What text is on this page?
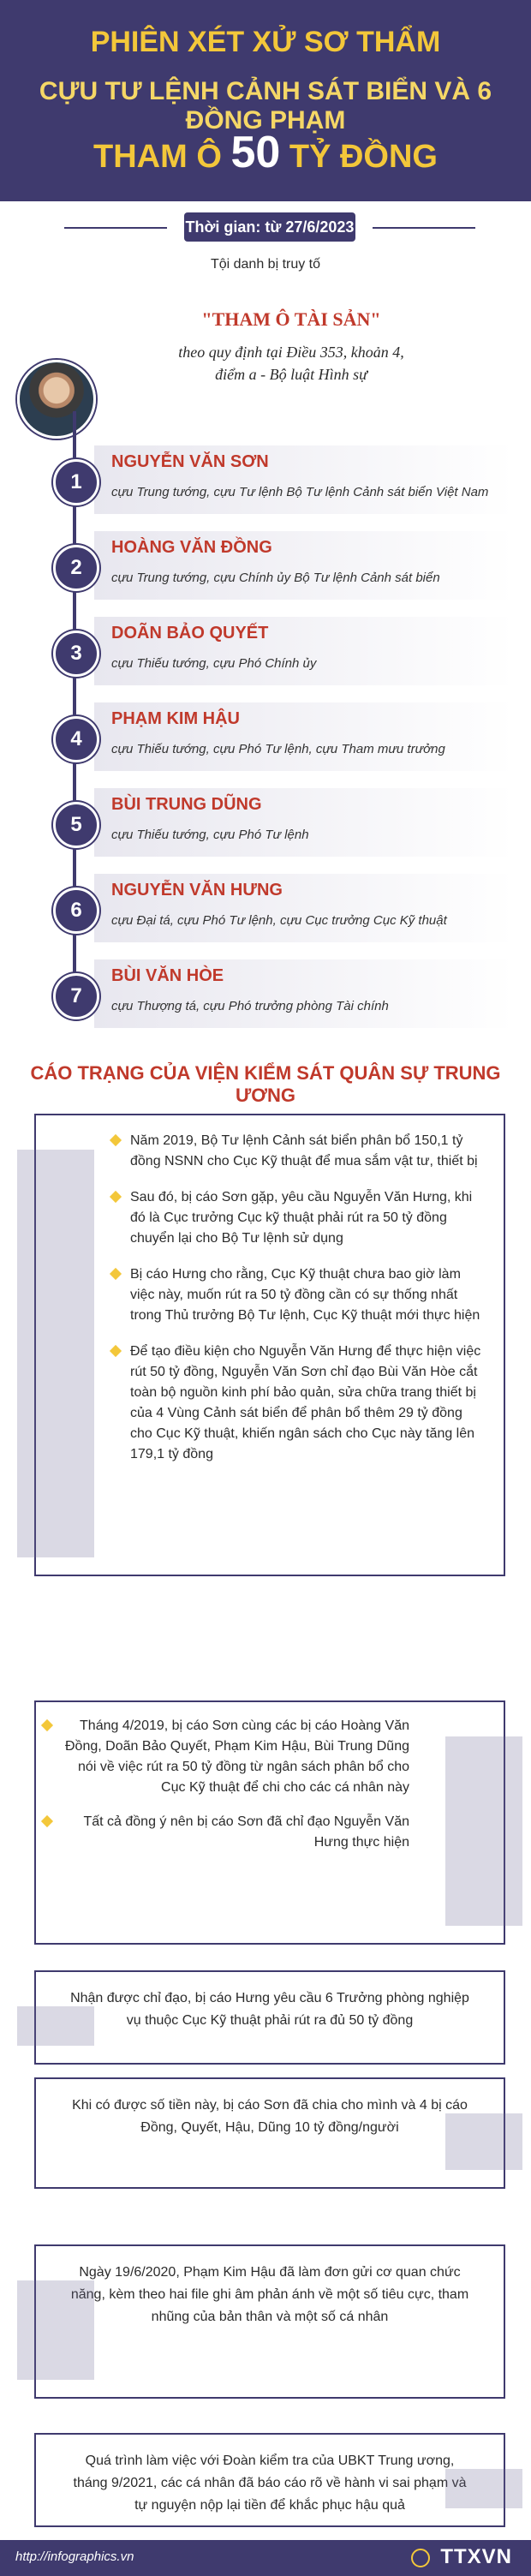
PHIÊN XÉT XỬ SƠ THẨM
CỰU TƯ LỆNH CẢNH SÁT BIỂN VÀ 6 ĐỒNG PHẠM
THAM Ô 50 TỶ ĐỒNG
Thời gian: từ 27/6/2023
Tội danh bị truy tố
"THAM Ô TÀI SẢN"
theo quy định tại Điều 353, khoản 4,
điểm a - Bộ luật Hình sự
1
NGUYỄN VĂN SƠN
cựu Trung tướng, cựu Tư lệnh Bộ Tư lệnh Cảnh sát biển Việt Nam
2
HOÀNG VĂN ĐỒNG
cựu Trung tướng, cựu Chính ủy Bộ Tư lệnh Cảnh sát biển
3
DOÃN BẢO QUYẾT
cựu Thiếu tướng, cựu Phó Chính ủy
4
PHẠM KIM HẬU
cựu Thiếu tướng, cựu Phó Tư lệnh, cựu Tham mưu trưởng
5
BÙI TRUNG DŨNG
cựu Thiếu tướng, cựu Phó Tư lệnh
6
NGUYỄN VĂN HƯNG
cựu Đại tá, cựu Phó Tư lệnh, cựu Cục trưởng Cục Kỹ thuật
7
BÙI VĂN HÒE
cựu Thượng tá, cựu Phó trưởng phòng Tài chính
CÁO TRẠNG CỦA VIỆN KIỂM SÁT QUÂN SỰ TRUNG ƯƠNG
Năm 2019, Bộ Tư lệnh Cảnh sát biển phân bổ 150,1 tỷ đồng NSNN cho Cục Kỹ thuật để mua sắm vật tư, thiết bị
Sau đó, bị cáo Sơn gặp, yêu cầu Nguyễn Văn Hưng, khi đó là Cục trưởng Cục kỹ thuật phải rút ra 50 tỷ đồng chuyển lại cho Bộ Tư lệnh sử dụng
Bị cáo Hưng cho rằng, Cục Kỹ thuật chưa bao giờ làm việc này, muốn rút ra 50 tỷ đồng cần có sự thống nhất trong Thủ trưởng Bộ Tư lệnh, Cục Kỹ thuật mới thực hiện
Để tạo điều kiện cho Nguyễn Văn Hưng để thực hiện việc rút 50 tỷ đồng, Nguyễn Văn Sơn chỉ đạo Bùi Văn Hòe cắt toàn bộ nguồn kinh phí bảo quản, sửa chữa trang thiết bị của 4 Vùng Cảnh sát biển để phân bổ thêm 29 tỷ đồng cho Cục Kỹ thuật, khiến ngân sách cho Cục này tăng lên 179,1 tỷ đồng
Tháng 4/2019, bị cáo Sơn cùng các bị cáo Hoàng Văn Đồng, Doãn Bảo Quyết, Phạm Kim Hậu, Bùi Trung Dũng nói về việc rút ra 50 tỷ đồng từ ngân sách phân bổ cho Cục Kỹ thuật để chi cho các cá nhân này
Tất cả đồng ý nên bị cáo Sơn đã chỉ đạo Nguyễn Văn Hưng thực hiện
Nhận được chỉ đạo, bị cáo Hưng yêu cầu 6 Trưởng phòng nghiệp vụ thuộc Cục Kỹ thuật phải rút ra đủ 50 tỷ đồng
Khi có được số tiền này, bị cáo Sơn đã chia cho mình và 4 bị cáo Đồng, Quyết, Hậu, Dũng 10 tỷ đồng/người
Ngày 19/6/2020, Phạm Kim Hậu đã làm đơn gửi cơ quan chức năng, kèm theo hai file ghi âm phản ánh về một số tiêu cực, tham nhũng của bản thân và một số cá nhân
Quá trình làm việc với Đoàn kiểm tra của UBKT Trung ương, tháng 9/2021, các cá nhân đã báo cáo rõ về hành vi sai phạm và tự nguyện nộp lại tiền để khắc phục hậu quả
http://infographics.vn	TTXVN
